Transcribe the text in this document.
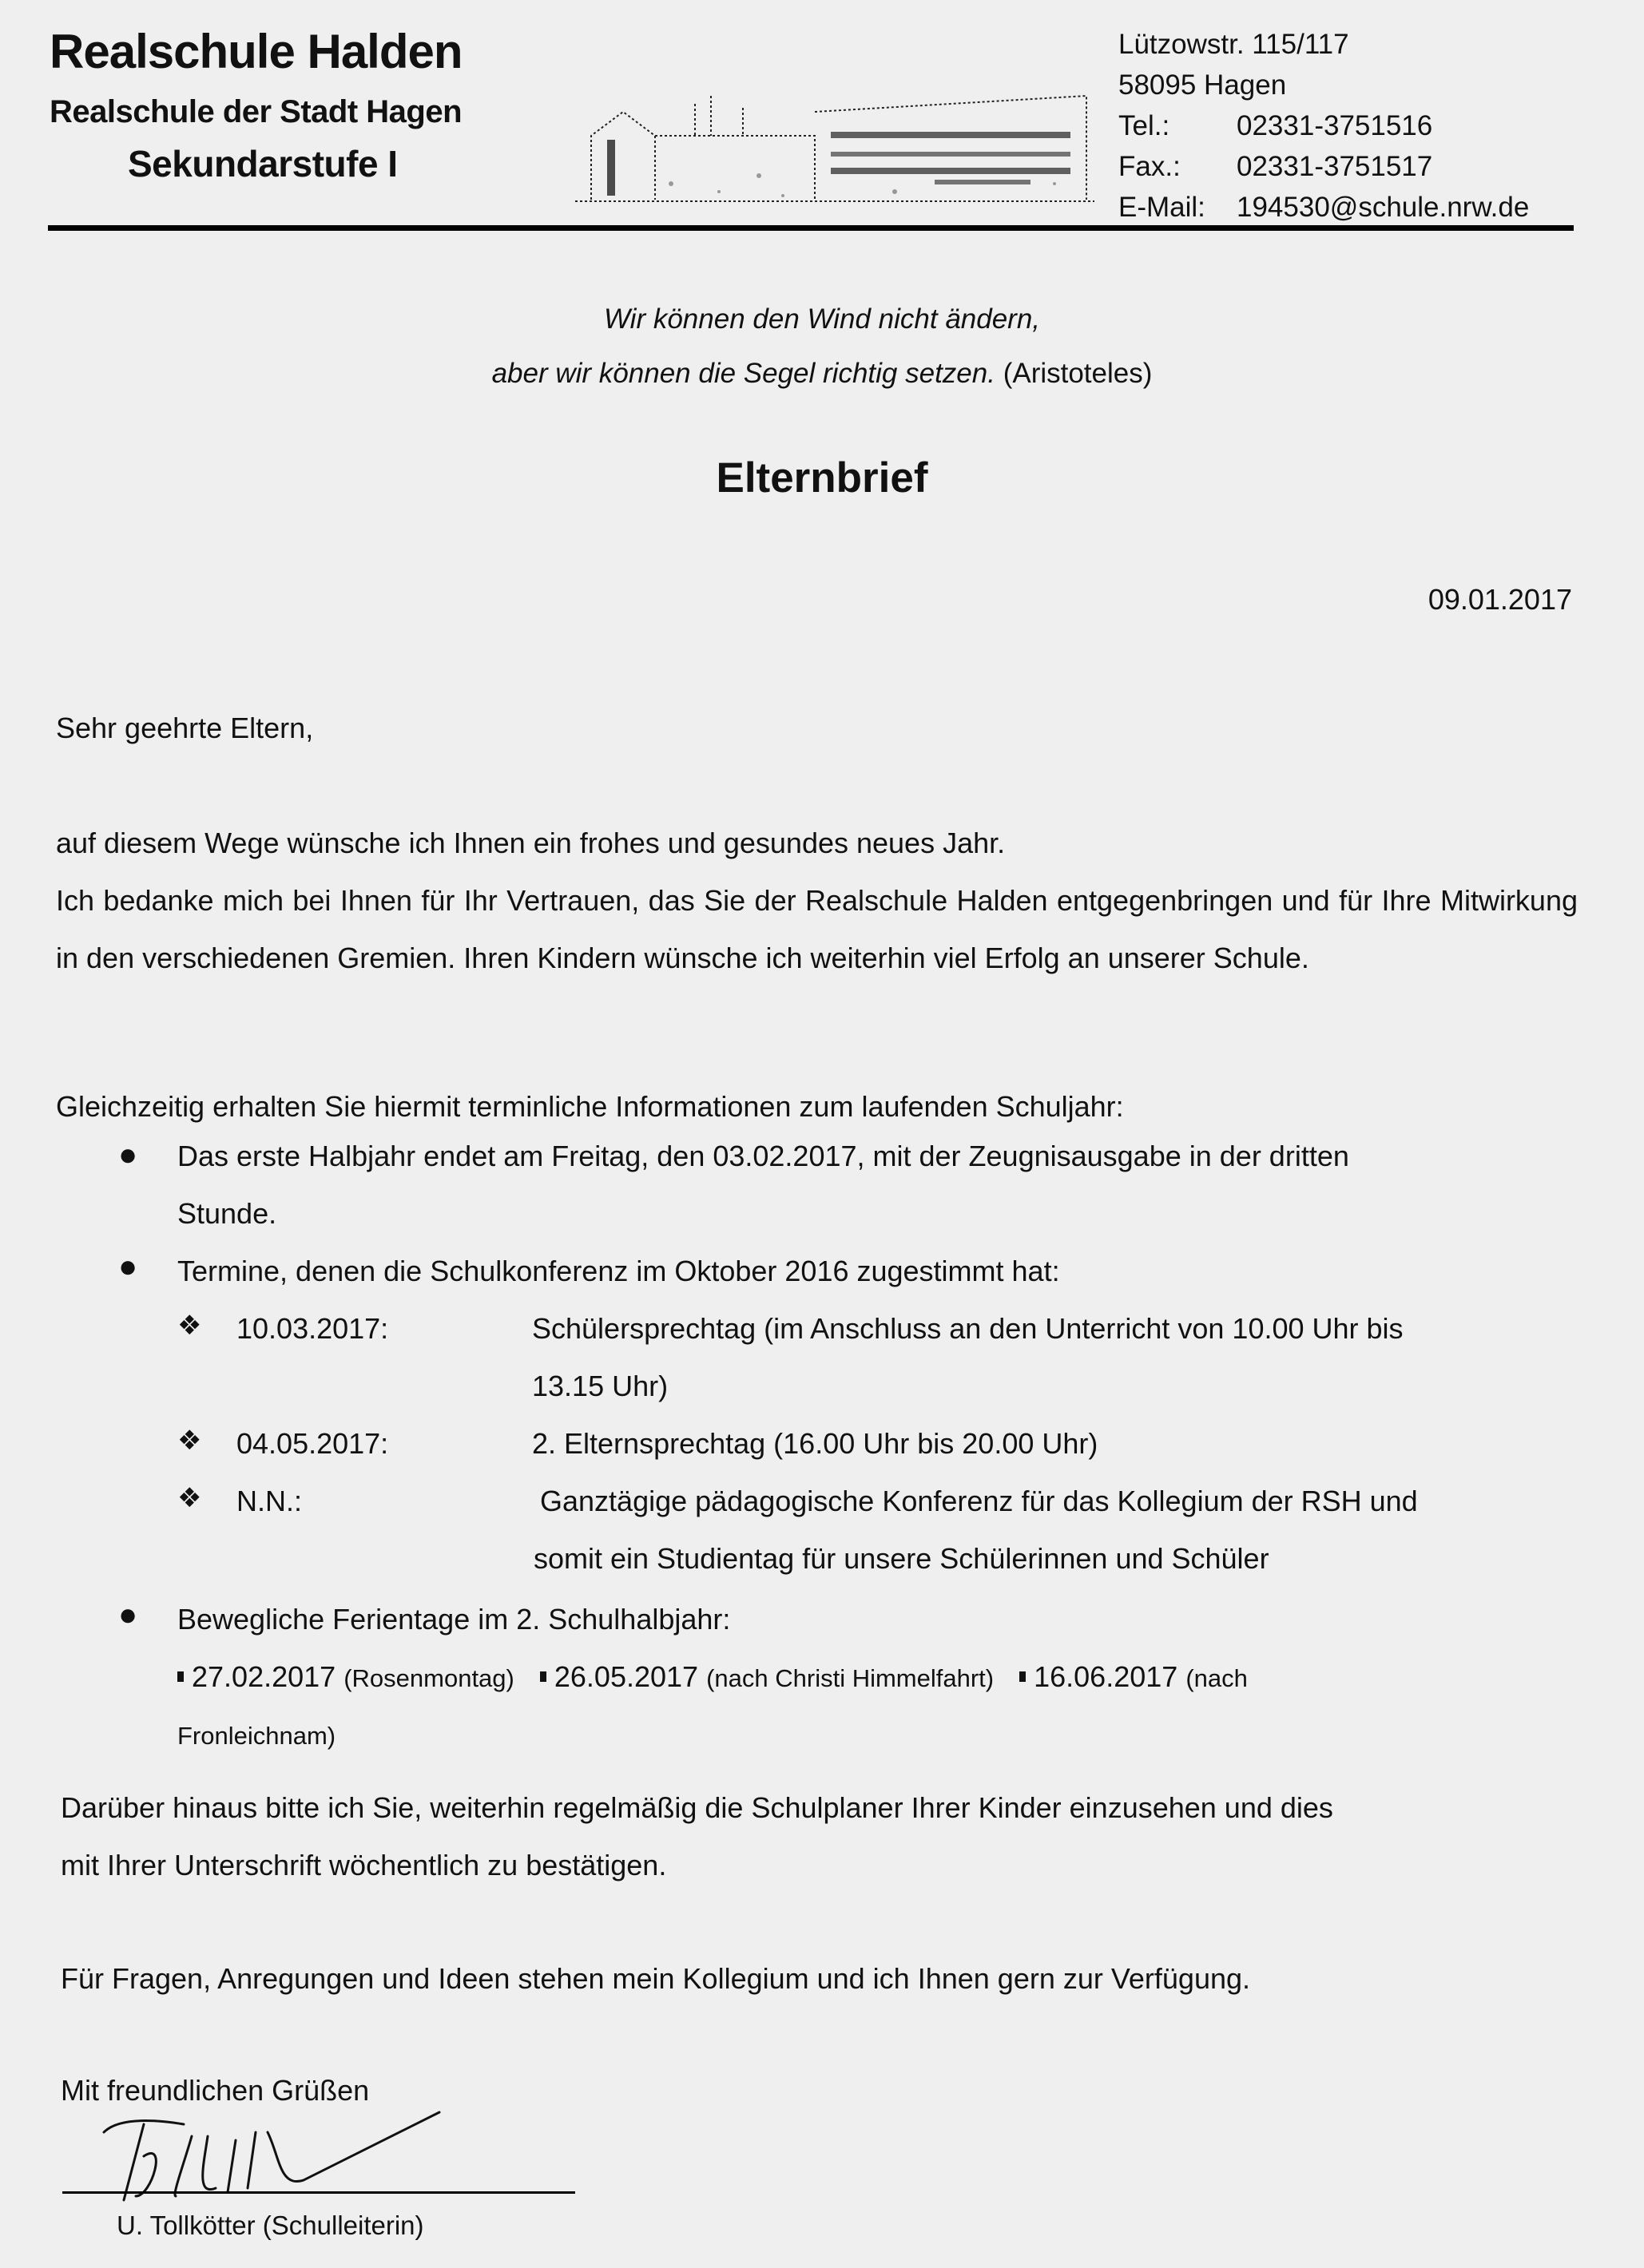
Realschule Halden
Realschule der Stadt Hagen
Sekundarstufe I
Lützowstr. 115/117
58095 Hagen
Tel.:	02331-3751516
Fax.:	02331-3751517
E-Mail:	194530@schule.nrw.de
Wir können den Wind nicht ändern,
aber wir können die Segel richtig setzen. (Aristoteles)
Elternbrief
09.01.2017
Sehr geehrte Eltern,
auf diesem Wege wünsche ich Ihnen ein frohes und gesundes neues Jahr.
Ich bedanke mich bei Ihnen für Ihr Vertrauen, das Sie der Realschule Halden entgegenbringen und für Ihre Mitwirkung in den verschiedenen Gremien. Ihren Kindern wünsche ich weiterhin viel Erfolg an unserer Schule.
Gleichzeitig erhalten Sie hiermit terminliche Informationen zum laufenden Schuljahr:
● Das erste Halbjahr endet am Freitag, den 03.02.2017, mit der Zeugnisausgabe in der dritten
Stunde.
● Termine, denen die Schulkonferenz im Oktober 2016 zugestimmt hat:
❖ 10.03.2017:	Schülersprechtag (im Anschluss an den Unterricht von 10.00 Uhr bis
13.15 Uhr)
❖ 04.05.2017:	2. Elternsprechtag (16.00 Uhr bis 20.00 Uhr)
❖ N.N.:	Ganztägige pädagogische Konferenz für das Kollegium der RSH und
somit ein Studientag für unsere Schülerinnen und Schüler
● Bewegliche Ferientage im 2. Schulhalbjahr:
27.02.2017 (Rosenmontag) 26.05.2017 (nach Christi Himmelfahrt) 16.06.2017 (nach
Fronleichnam)
Darüber hinaus bitte ich Sie, weiterhin regelmäßig die Schulplaner Ihrer Kinder einzusehen und dies
mit Ihrer Unterschrift wöchentlich zu bestätigen.
Für Fragen, Anregungen und Ideen stehen mein Kollegium und ich Ihnen gern zur Verfügung.
Mit freundlichen Grüßen
U. Tollkötter (Schulleiterin)
